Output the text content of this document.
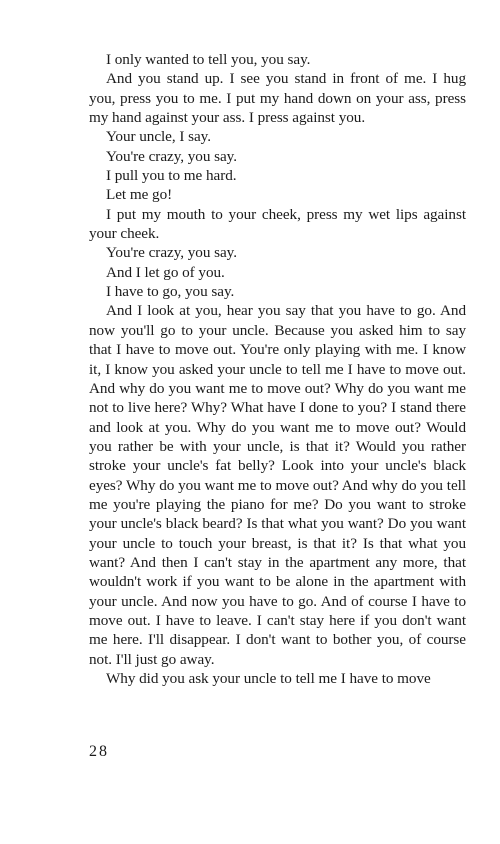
I only wanted to tell you, you say.

And you stand up. I see you stand in front of me. I hug you, press you to me. I put my hand down on your ass, press my hand against your ass. I press against you.

Your uncle, I say.

You're crazy, you say.

I pull you to me hard.

Let me go!

I put my mouth to your cheek, press my wet lips against your cheek.

You're crazy, you say.

And I let go of you.

I have to go, you say.

And I look at you, hear you say that you have to go. And now you'll go to your uncle. Because you asked him to say that I have to move out. You're only playing with me. I know it, I know you asked your uncle to tell me I have to move out. And why do you want me to move out? Why do you want me not to live here? Why? What have I done to you? I stand there and look at you. Why do you want me to move out? Would you rather be with your uncle, is that it? Would you rather stroke your uncle's fat belly? Look into your uncle's black eyes? Why do you want me to move out? And why do you tell me you're playing the piano for me? Do you want to stroke your uncle's black beard? Is that what you want? Do you want your uncle to touch your breast, is that it? Is that what you want? And then I can't stay in the apartment any more, that wouldn't work if you want to be alone in the apartment with your uncle. And now you have to go. And of course I have to move out. I have to leave. I can't stay here if you don't want me here. I'll disappear. I don't want to bother you, of course not. I'll just go away.

Why did you ask your uncle to tell me I have to move

28
